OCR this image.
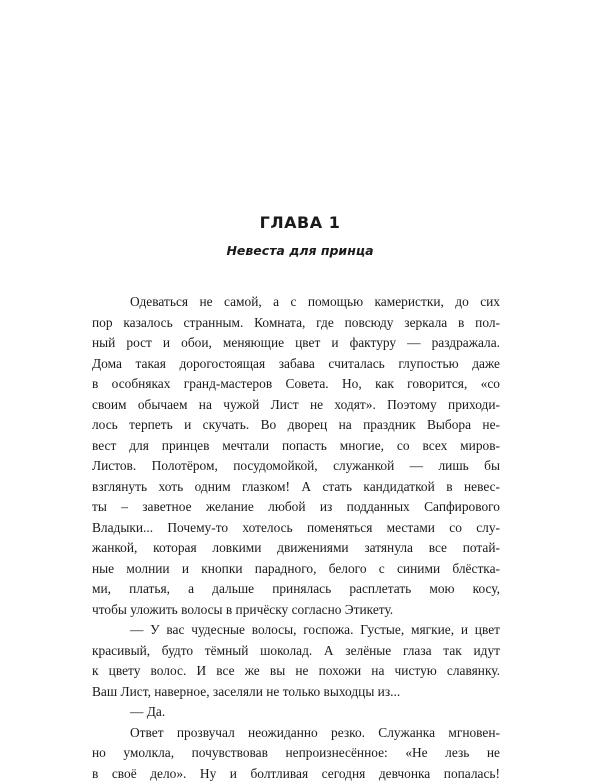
ГЛАВА 1
Невеста для принца
Одеваться не самой, а с помощью камеристки, до сих
пор казалось странным. Комната, где повсюду зеркала в пол-
ный рост и обои, меняющие цвет и фактуру — раздражала.
Дома такая дорогостоящая забава считалась глупостью даже
в особняках гранд-мастеров Совета. Но, как говорится, «со
своим обычаем на чужой Лист не ходят». Поэтому приходи-
лось терпеть и скучать. Во дворец на праздник Выбора не-
вест для принцев мечтали попасть многие, со всех миров-
Листов. Полотёром, посудомойкой, служанкой — лишь бы
взглянуть хоть одним глазком! А стать кандидаткой в невес-
ты – заветное желание любой из подданных Сапфирового
Владыки... Почему-то хотелось поменяться местами со слу-
жанкой, которая ловкими движениями затянула все потай-
ные молнии и кнопки парадного, белого с синими блёстка-
ми, платья, а дальше принялась расплетать мою косу,
чтобы уложить волосы в причёску согласно Этикету.
— У вас чудесные волосы, госпожа. Густые, мягкие, и цвет
красивый, будто тёмный шоколад. А зелёные глаза так идут
к цвету волос. И все же вы не похожи на чистую славянку.
Ваш Лист, наверное, заселяли не только выходцы из...
— Да.
Ответ прозвучал неожиданно резко. Служанка мгновен-
но умолкла, почувствовав непроизнесённое: «Не лезь не
в своё дело». Ну и болтливая сегодня девчонка попалась!
